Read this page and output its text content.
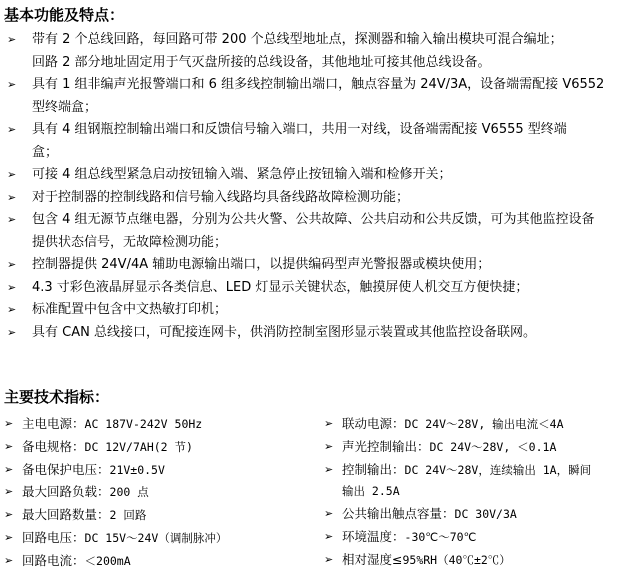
基本功能及特点：
➢ 带有 2 个总线回路，每回路可带 200 个总线型地址点，探测器和输入输出模块可混合编址；
回路 2 部分地址固定用于气灭盘所接的总线设备，其他地址可接其他总线设备。
➢ 具有 1 组非编声光报警端口和 6 组多线控制输出端口，触点容量为 24V/3A，设备端需配接 V6552
型终端盒；
➢ 具有 4 组钢瓶控制输出端口和反馈信号输入端口，共用一对线，设备端需配接 V6555 型终端
盒；
➢ 可接 4 组总线型紧急启动按钮输入端、紧急停止按钮输入端和检修开关；
➢ 对于控制器的控制线路和信号输入线路均具备线路故障检测功能；
➢ 包含 4 组无源节点继电器，分别为公共火警、公共故障、公共启动和公共反馈，可为其他监控设备
提供状态信号，无故障检测功能；
➢ 控制器提供 24V/4A 辅助电源输出端口，以提供编码型声光警报器或模块使用；
➢ 4.3 寸彩色液晶屏显示各类信息、LED 灯显示关键状态，触摸屏使人机交互方便快捷；
➢ 标准配置中包含中文热敏打印机；
➢ 具有 CAN 总线接口，可配接连网卡，供消防控制室图形显示装置或其他监控设备联网。
主要技术指标：
➢ 主电电源：AC 187V-242V 50Hz
➢ 备电规格：DC 12V/7AH(2 节)
➢ 备电保护电压：21V±0.5V
➢ 最大回路负载：200 点
➢ 最大回路数量：2 回路
➢ 回路电压：DC 15V～24V（调制脉冲）
➢ 回路电流：＜200mA
➢ 联动电源：DC 24V～28V, 输出电流＜4A
➢ 声光控制输出：DC 24V～28V, ＜0.1A
➢ 控制输出：DC 24V～28V，连续输出 1A，瞬间
输出 2.5A
➢ 公共输出触点容量：DC 30V/3A
➢ 环境温度：-30℃～70℃
➢ 相对湿度≤95%RH（40℃±2℃）
